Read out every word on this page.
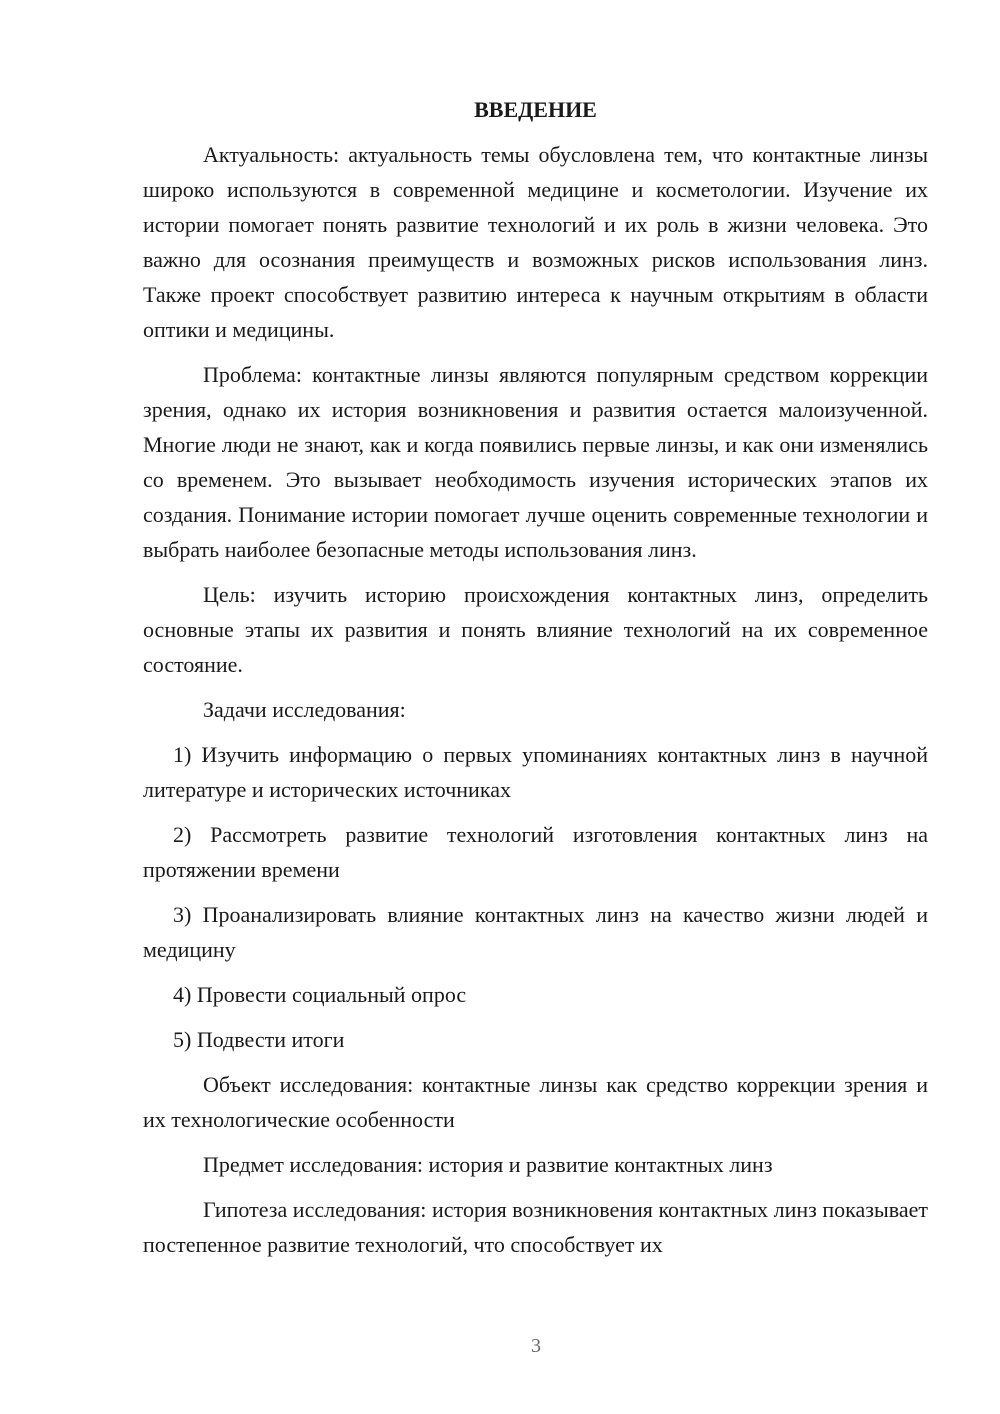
ВВЕДЕНИЕ

Актуальность: актуальность темы обусловлена тем, что контактные линзы широко используются в современной медицине и косметологии. Изучение их истории помогает понять развитие технологий и их роль в жизни человека. Это важно для осознания преимуществ и возможных рисков использования линз. Также проект способствует развитию интереса к научным открытиям в области оптики и медицины.

Проблема: контактные линзы являются популярным средством коррекции зрения, однако их история возникновения и развития остается малоизученной. Многие люди не знают, как и когда появились первые линзы, и как они изменялись со временем. Это вызывает необходимость изучения исторических этапов их создания. Понимание истории помогает лучше оценить современные технологии и выбрать наиболее безопасные методы использования линз.

Цель: изучить историю происхождения контактных линз, определить основные этапы их развития и понять влияние технологий на их современное состояние.

Задачи исследования:

1) Изучить информацию о первых упоминаниях контактных линз в научной литературе и исторических источниках

2) Рассмотреть развитие технологий изготовления контактных линз на протяжении времени

3) Проанализировать влияние контактных линз на качество жизни людей и медицину

4) Провести социальный опрос

5) Подвести итоги

Объект исследования: контактные линзы как средство коррекции зрения и их технологические особенности

Предмет исследования: история и развитие контактных линз

Гипотеза исследования: история возникновения контактных линз показывает постепенное развитие технологий, что способствует их

3
